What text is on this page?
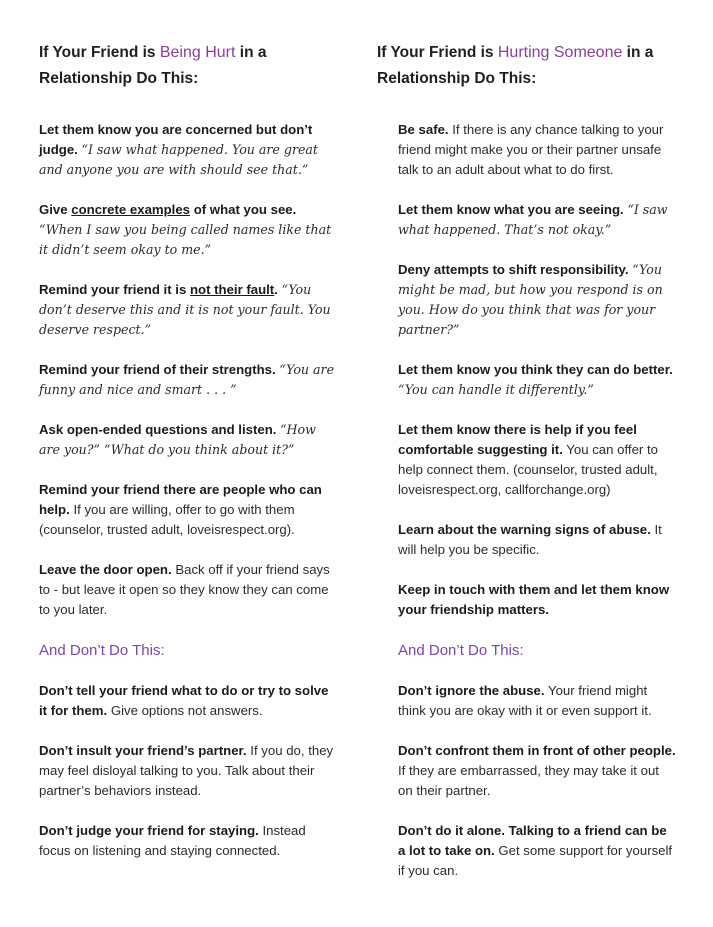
If Your Friend is Being Hurt in a Relationship Do This:
Let them know you are concerned but don’t judge. “I saw what happened. You are great and anyone you are with should see that.”
Give concrete examples of what you see. “When I saw you being called names like that it didn’t seem okay to me.”
Remind your friend it is not their fault. “You don’t deserve this and it is not your fault. You deserve respect.”
Remind your friend of their strengths. “You are funny and nice and smart . . . ”
Ask open-ended questions and listen. “How are you?” “What do you think about it?”
Remind your friend there are people who can help. If you are willing, offer to go with them (counselor, trusted adult, loveisrespect.org).
Leave the door open. Back off if your friend says to - but leave it open so they know they can come to you later.
And Don’t Do This:
Don’t tell your friend what to do or try to solve it for them. Give options not answers.
Don’t insult your friend’s partner. If you do, they may feel disloyal talking to you. Talk about their partner’s behaviors instead.
Don’t judge your friend for staying. Instead focus on listening and staying connected.
If Your Friend is Hurting Someone in a Relationship Do This:
Be safe. If there is any chance talking to your friend might make you or their partner unsafe talk to an adult about what to do first.
Let them know what you are seeing. “I saw what happened. That’s not okay.”
Deny attempts to shift responsibility. “You might be mad, but how you respond is on you. How do you think that was for your partner?”
Let them know you think they can do better. “You can handle it differently.”
Let them know there is help if you feel comfortable suggesting it. You can offer to help connect them. (counselor, trusted adult, loveisrespect.org, callforchange.org)
Learn about the warning signs of abuse. It will help you be specific.
Keep in touch with them and let them know your friendship matters.
And Don’t Do This:
Don’t ignore the abuse. Your friend might think you are okay with it or even support it.
Don’t confront them in front of other people. If they are embarrassed, they may take it out on their partner.
Don’t do it alone. Talking to a friend can be a lot to take on. Get some support for yourself if you can.
